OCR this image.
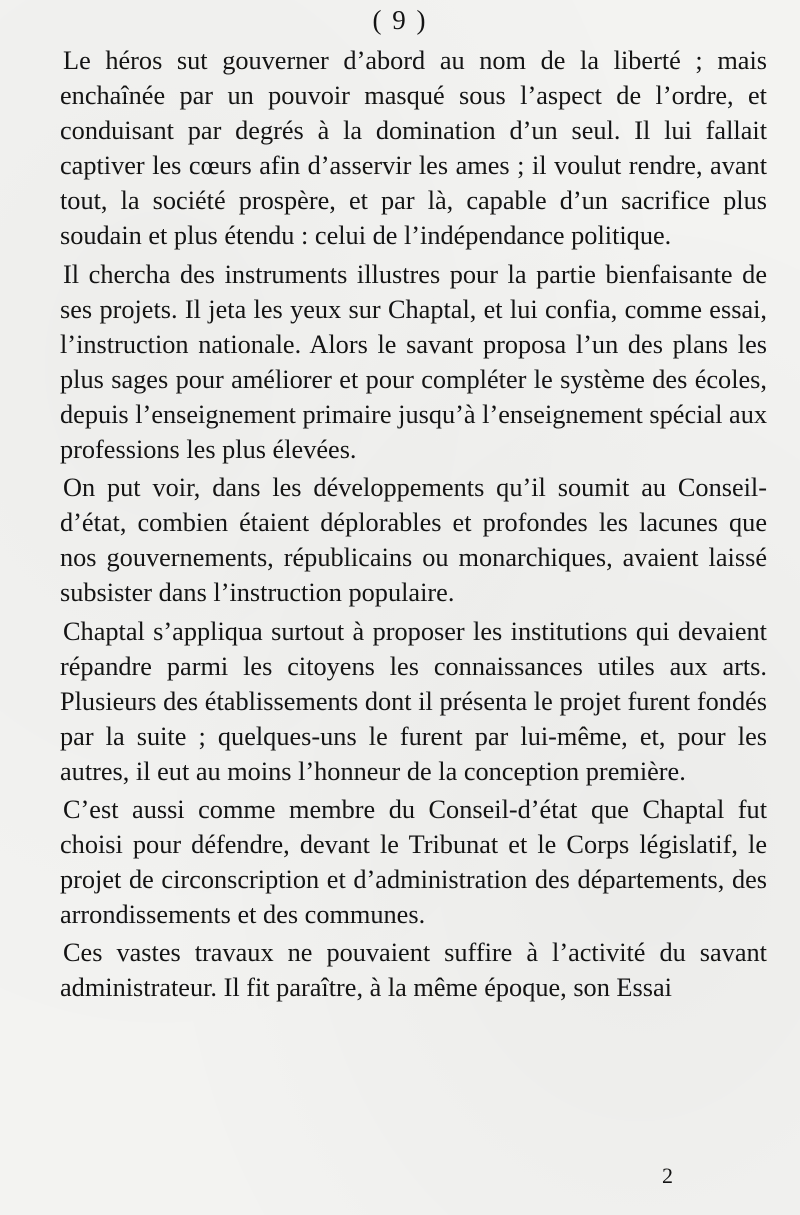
( 9 )

Le héros sut gouverner d’abord au nom de la liberté ; mais enchaînée par un pouvoir masqué sous l’aspect de l’ordre, et conduisant par degrés à la domination d’un seul. Il lui fallait captiver les cœurs afin d’asservir les ames ; il voulut rendre, avant tout, la société prospère, et par là, capable d’un sacrifice plus soudain et plus étendu : celui de l’indépendance politique.

Il chercha des instruments illustres pour la partie bienfaisante de ses projets. Il jeta les yeux sur Chaptal, et lui confia, comme essai, l’instruction nationale. Alors le savant proposa l’un des plans les plus sages pour améliorer et pour compléter le système des écoles, depuis l’enseignement primaire jusqu’à l’enseignement spécial aux professions les plus élevées.

On put voir, dans les développements qu’il soumit au Conseil-d’état, combien étaient déplorables et profondes les lacunes que nos gouvernements, républicains ou monarchiques, avaient laissé subsister dans l’instruction populaire.

Chaptal s’appliqua surtout à proposer les institutions qui devaient répandre parmi les citoyens les connaissances utiles aux arts. Plusieurs des établissements dont il présenta le projet furent fondés par la suite ; quelques-uns le furent par lui-même, et, pour les autres, il eut au moins l’honneur de la conception première.

C’est aussi comme membre du Conseil-d’état que Chaptal fut choisi pour défendre, devant le Tribunat et le Corps législatif, le projet de circonscription et d’administration des départements, des arrondissements et des communes.

Ces vastes travaux ne pouvaient suffire à l’activité du savant administrateur. Il fit paraître, à la même époque, son Essai

2
